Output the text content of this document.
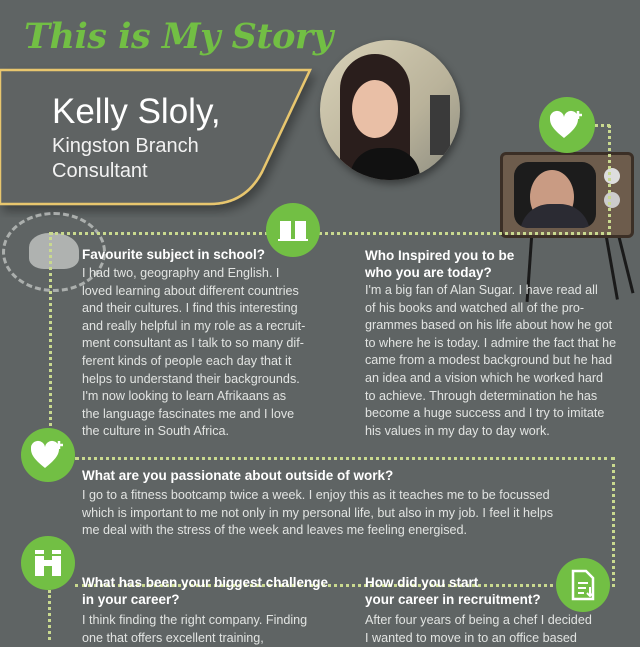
This is My Story
Kelly Sloly,
Kingston Branch
Consultant
Favourite subject in school?
I had two, geography and English. I
loved learning about different countries
and their cultures. I find this interesting
and really helpful in my role as a recruit-
ment consultant as I talk to so many dif-
ferent kinds of people each day that it
helps to understand their backgrounds.
I'm now looking to learn Afrikaans as
the language fascinates me and I love
the culture in South Africa.
Who Inspired you to be
who you are today?
I'm a big fan of Alan Sugar. I have read all
of his books and watched all of the pro-
grammes based on his life about how he got
to where he is today. I admire the fact that he
came from a modest background but he had
an idea and a vision which he worked hard
to achieve. Through determination he has
become a huge success and I try to imitate
his values in my day to day work.
What are you passionate about outside of work?
I go to a fitness bootcamp twice a week. I enjoy this as it teaches me to be focussed
which is important to me not only in my personal life, but also in my job. I feel it helps
me deal with the stress of the week and leaves me feeling energised.
What has been your biggest challenge
in your career?
I think finding the right company. Finding
one that offers excellent training,
How did you start
your career in recruitment?
After four years of being a chef I decided
I wanted to move in to an office based
